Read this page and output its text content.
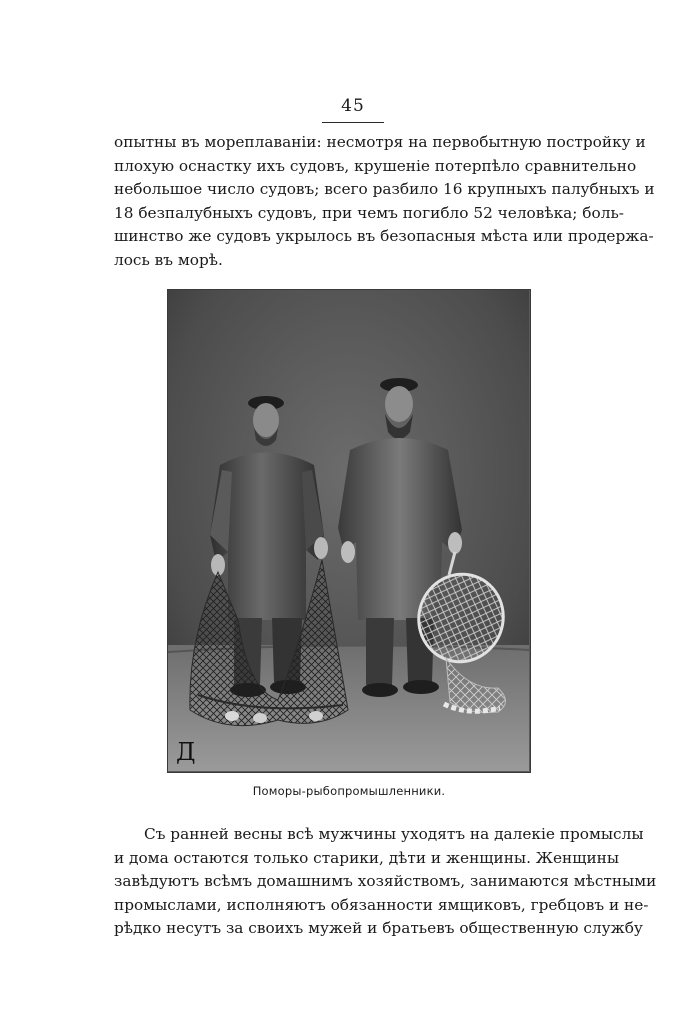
45

опытны въ мореплаванiи: несмотря на первобытную постройку и
плохую оснастку ихъ судовъ, крушенiе потерпѣло сравнительно
небольшое число судовъ; всего разбило 16 крупныхъ палубныхъ и
18 безпалубныхъ судовъ, при чемъ погибло 52 человѣка; боль-
шинство же судовъ укрылось въ безопасныя мѣста или продержа-
лось въ морѣ.

Д
Поморы-рыбопромышленники.

Съ ранней весны всѣ мужчины уходятъ на далекiе промыслы
и дома остаются только старики, дѣти и женщины. Женщины
завѣдуютъ всѣмъ домашнимъ хозяйствомъ, занимаются мѣстными
промыслами, исполняютъ обязанности ямщиковъ, гребцовъ и не-
рѣдко несутъ за своихъ мужей и братьевъ общественную службу
